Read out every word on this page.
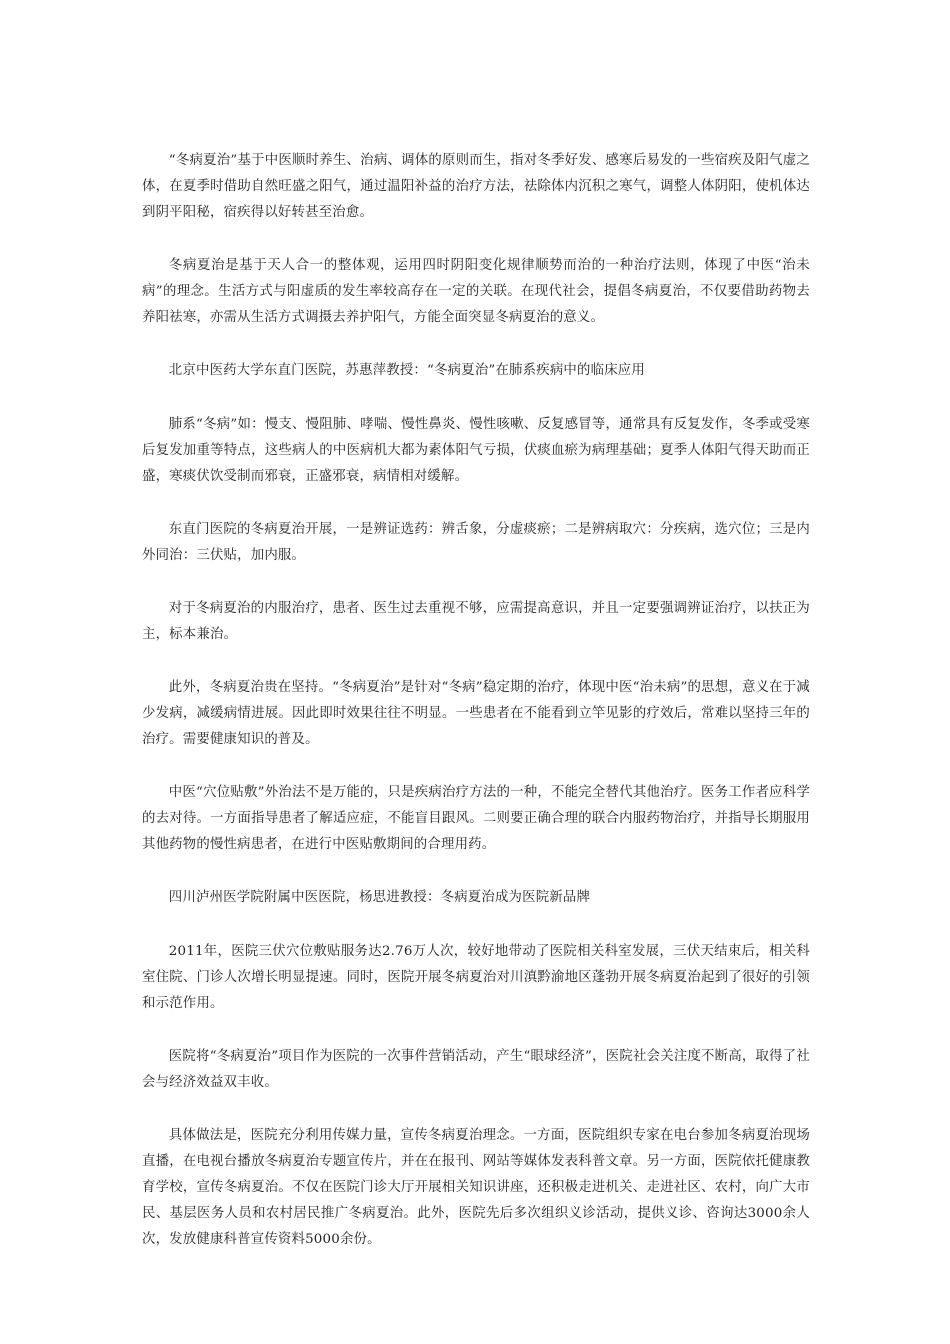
“冬病夏治”基于中医顺时养生、治病、调体的原则而生，指对冬季好发、感寒后易发的一些宿疾及阳气虚之体，在夏季时借助自然旺盛之阳气，通过温阳补益的治疗方法，祛除体内沉积之寒气，调整人体阴阳，使机体达到阴平阳秘，宿疾得以好转甚至治愈。

冬病夏治是基于天人合一的整体观，运用四时阴阳变化规律顺势而治的一种治疗法则，体现了中医“治未病”的理念。生活方式与阳虚质的发生率较高存在一定的关联。在现代社会，提倡冬病夏治，不仅要借助药物去养阳祛寒，亦需从生活方式调摄去养护阳气，方能全面突显冬病夏治的意义。

北京中医药大学东直门医院，苏惠萍教授：“冬病夏治”在肺系疾病中的临床应用

肺系“冬病”如：慢支、慢阻肺、哮喘、慢性鼻炎、慢性咳嗽、反复感冒等，通常具有反复发作，冬季或受寒后复发加重等特点，这些病人的中医病机大都为素体阳气亏损，伏痰血瘀为病理基础；夏季人体阳气得天助而正盛，寒痰伏饮受制而邪衰，正盛邪衰，病情相对缓解。

东直门医院的冬病夏治开展，一是辨证选药：辨舌象，分虚痰瘀；二是辨病取穴：分疾病，选穴位；三是内外同治：三伏贴，加内服。

对于冬病夏治的内服治疗，患者、医生过去重视不够，应需提高意识，并且一定要强调辨证治疗，以扶正为主，标本兼治。

此外，冬病夏治贵在坚持。“冬病夏治”是针对“冬病”稳定期的治疗，体现中医“治未病”的思想，意义在于减少发病，减缓病情进展。因此即时效果往往不明显。一些患者在不能看到立竿见影的疗效后，常难以坚持三年的治疗。需要健康知识的普及。

中医“穴位贴敷”外治法不是万能的，只是疾病治疗方法的一种，不能完全替代其他治疗。医务工作者应科学的去对待。一方面指导患者了解适应症，不能盲目跟风。二则要正确合理的联合内服药物治疗，并指导长期服用其他药物的慢性病患者，在进行中医贴敷期间的合理用药。

四川泸州医学院附属中医医院，杨思进教授：冬病夏治成为医院新品牌

2011年，医院三伏穴位敷贴服务达2.76万人次，较好地带动了医院相关科室发展，三伏天结束后，相关科室住院、门诊人次增长明显提速。同时，医院开展冬病夏治对川滇黔渝地区蓬勃开展冬病夏治起到了很好的引领和示范作用。

医院将“冬病夏治”项目作为医院的一次事件营销活动，产生“眼球经济”，医院社会关注度不断高，取得了社会与经济效益双丰收。

具体做法是，医院充分利用传媒力量，宣传冬病夏治理念。一方面，医院组织专家在电台参加冬病夏治现场直播，在电视台播放冬病夏治专题宣传片，并在在报刊、网站等媒体发表科普文章。另一方面，医院依托健康教育学校，宣传冬病夏治。不仅在医院门诊大厅开展相关知识讲座，还积极走进机关、走进社区、农村，向广大市民、基层医务人员和农村居民推广冬病夏治。此外，医院先后多次组织义诊活动，提供义诊、咨询达3000余人次，发放健康科普宣传资料5000余份。
